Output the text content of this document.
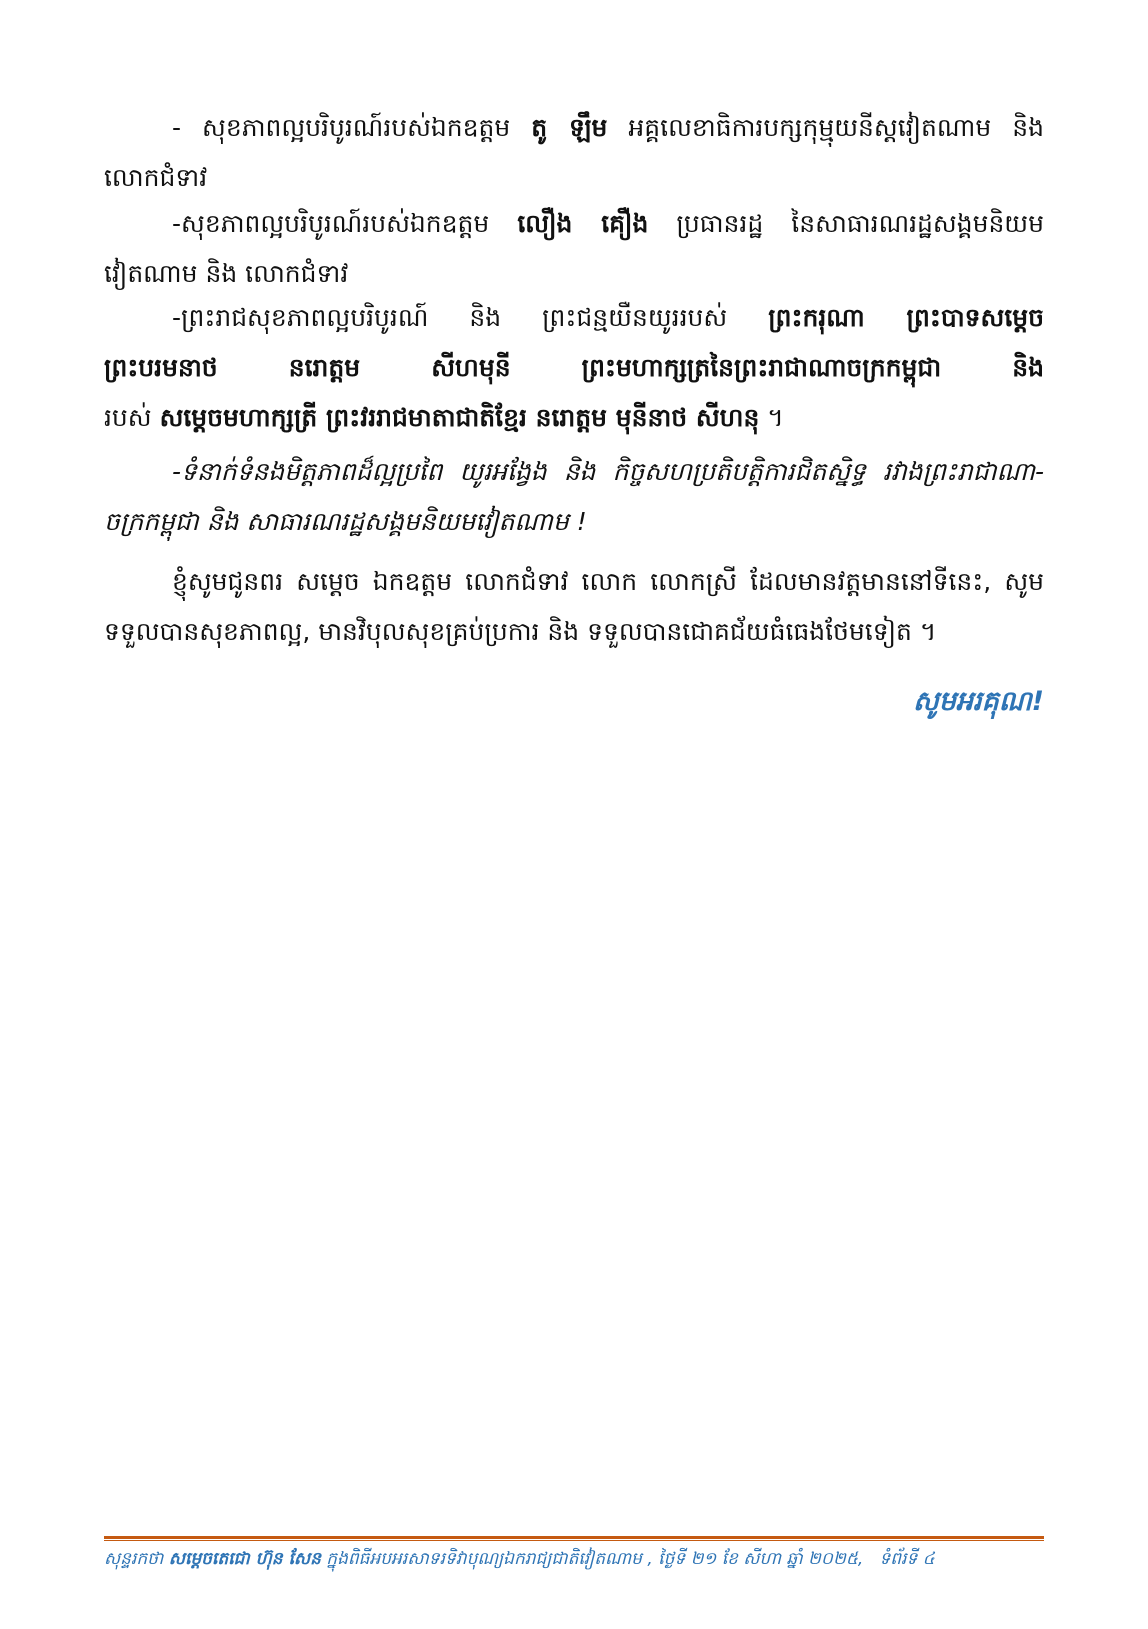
- សុខភាពល្អបរិបូរណ៍របស់ឯកឧត្តម តូ ឡឹម អគ្គលេខាធិការបក្សកុម្មុយនីស្តវៀតណាម និង
លោកជំទាវ

-សុខភាពល្អបរិបូរណ៍របស់ឯកឧត្តម លឿង គឿង ប្រធានរដ្ឋ នៃសាធារណរដ្ឋសង្គមនិយម
វៀតណាម និង លោកជំទាវ

-ព្រះរាជសុខភាពល្អបរិបូរណ៍ និង ព្រះជន្មយឺនយូររបស់ ព្រះករុណា ព្រះបាទសម្តេច
ព្រះបរមនាថ នរោត្តម សីហមុនី ព្រះមហាក្សត្រនៃព្រះរាជាណាចក្រកម្ពុជា និង
របស់ សម្តេចមហាក្សត្រី ព្រះវររាជមាតាជាតិខ្មែរ នរោត្តម មុនីនាថ សីហនុ ។

-ទំនាក់ទំនងមិត្តភាពដ៏ល្អប្រពៃ យូរអង្វែង និង កិច្ចសហប្រតិបត្តិការជិតស្និទ្ធ រវាងព្រះរាជាណា-
ចក្រកម្ពុជា និង សាធារណរដ្ឋសង្គមនិយមវៀតណាម !

ខ្ញុំសូមជូនពរ សម្តេច ឯកឧត្តម លោកជំទាវ លោក លោកស្រី ដែលមានវត្តមាននៅទីនេះ, សូម
ទទួលបានសុខភាពល្អ, មានវិបុលសុខគ្រប់ប្រការ និង ទទួលបានជោគជ័យធំធេងថែមទៀត ។

សូមអរគុណ!
សុន្ទរកថា សម្តេចតេជោ ហ៊ុន សែន ក្នុងពិធីអបអរសាទរទិវាបុណ្យឯករាជ្យជាតិវៀតណាម , ថ្ងៃទី ២១ ខែ សីហា ឆ្នាំ ២០២៥, ទំព័រទី ៤
